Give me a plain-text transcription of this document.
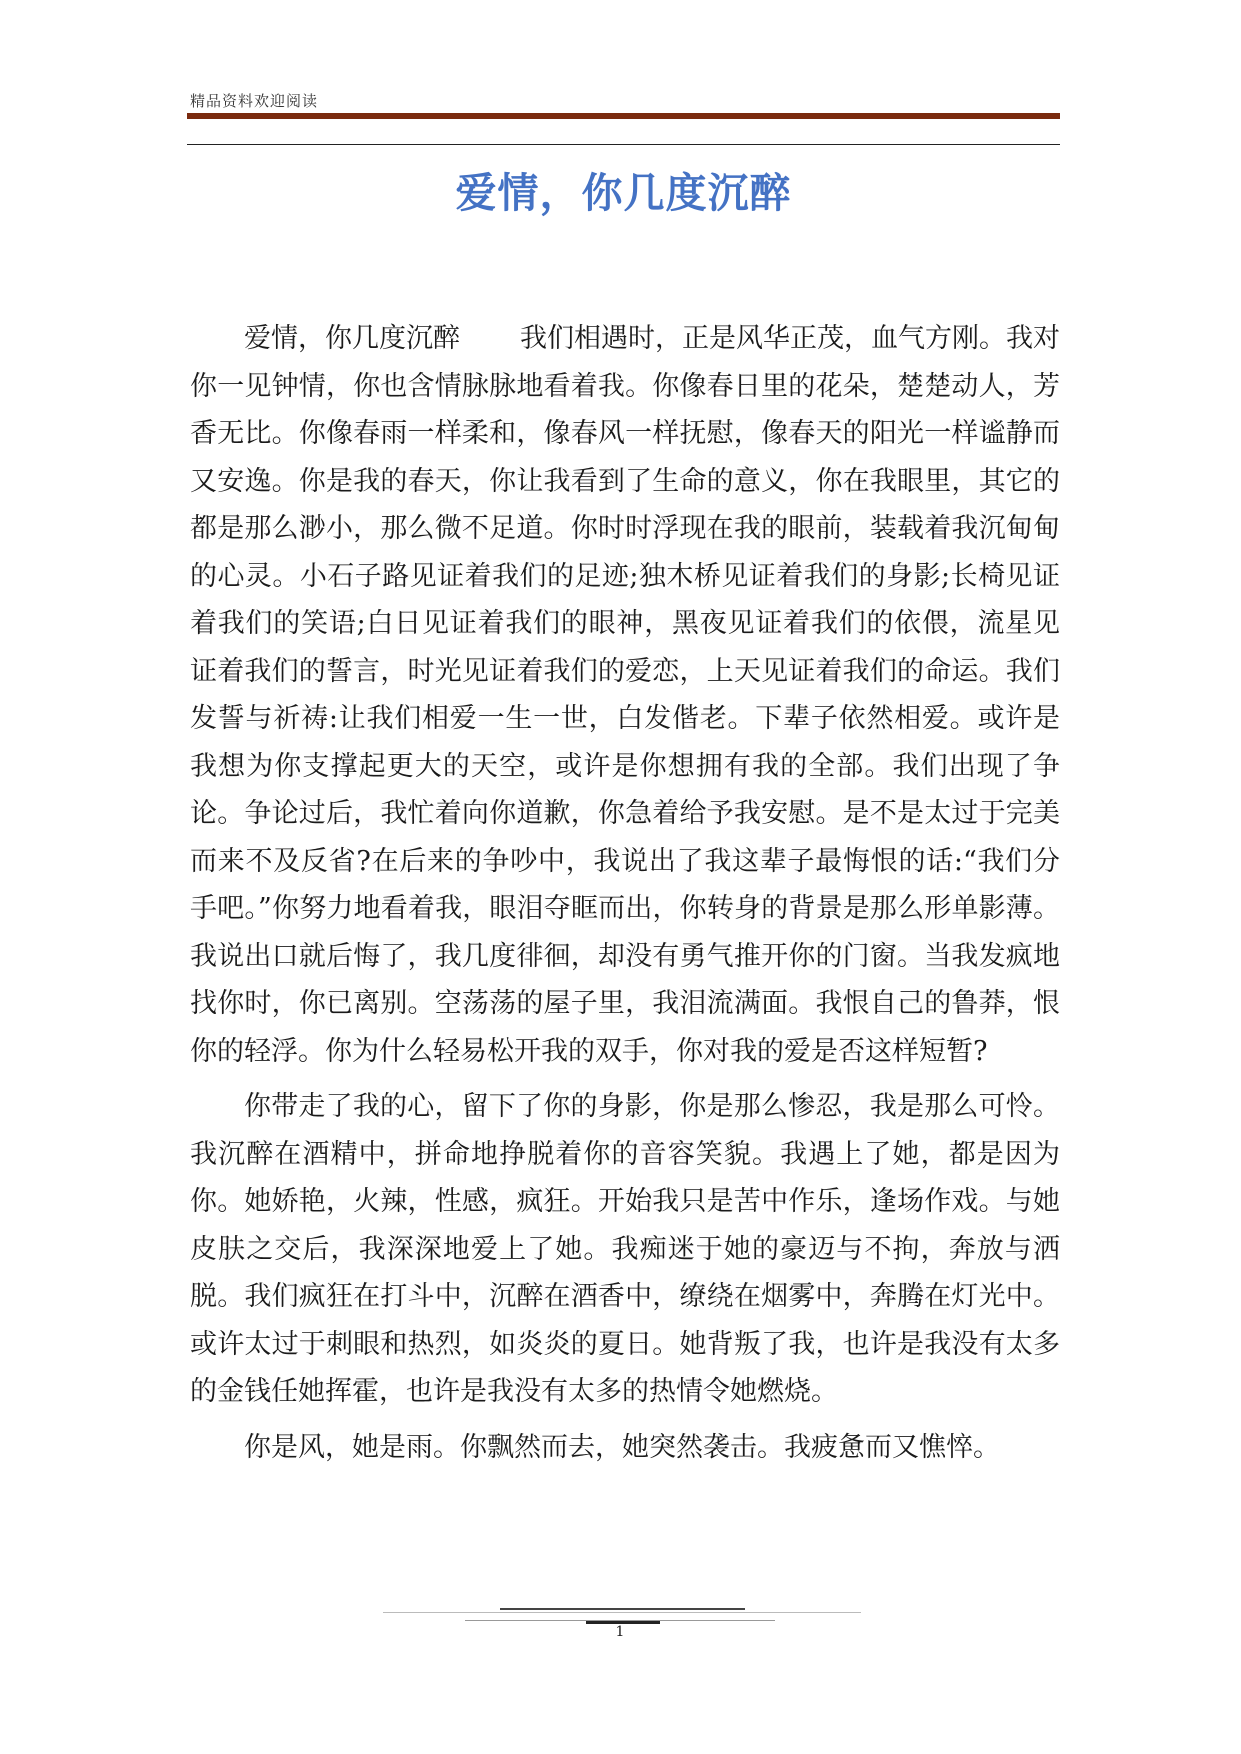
精品资料欢迎阅读
爱情，你几度沉醉

爱情，你几度沉醉 我们相遇时，正是风华正茂，血气方刚。我对你一见钟情，你也含情脉脉地看着我。你像春日里的花朵，楚楚动人，芳香无比。你像春雨一样柔和，像春风一样抚慰，像春天的阳光一样谧静而又安逸。你是我的春天，你让我看到了生命的意义，你在我眼里，其它的都是那么渺小，那么微不足道。你时时浮现在我的眼前，装载着我沉甸甸的心灵。小石子路见证着我们的足迹;独木桥见证着我们的身影;长椅见证着我们的笑语;白日见证着我们的眼神，黑夜见证着我们的依偎，流星见证着我们的誓言，时光见证着我们的爱恋，上天见证着我们的命运。我们发誓与祈祷:让我们相爱一生一世，白发偕老。下辈子依然相爱。或许是我想为你支撑起更大的天空，或许是你想拥有我的全部。我们出现了争论。争论过后，我忙着向你道歉，你急着给予我安慰。是不是太过于完美而来不及反省?在后来的争吵中，我说出了我这辈子最悔恨的话:“我们分手吧。”你努力地看着我，眼泪夺眶而出，你转身的背景是那么形单影薄。我说出口就后悔了，我几度徘徊，却没有勇气推开你的门窗。当我发疯地找你时，你已离别。空荡荡的屋子里，我泪流满面。我恨自己的鲁莽，恨你的轻浮。你为什么轻易松开我的双手，你对我的爱是否这样短暂?

你带走了我的心，留下了你的身影，你是那么惨忍，我是那么可怜。我沉醉在酒精中，拼命地挣脱着你的音容笑貌。我遇上了她，都是因为你。她娇艳，火辣，性感，疯狂。开始我只是苦中作乐，逢场作戏。与她皮肤之交后，我深深地爱上了她。我痴迷于她的豪迈与不拘，奔放与洒脱。我们疯狂在打斗中，沉醉在酒香中，缭绕在烟雾中，奔腾在灯光中。或许太过于刺眼和热烈，如炎炎的夏日。她背叛了我，也许是我没有太多的金钱任她挥霍，也许是我没有太多的热情令她燃烧。

你是风，她是雨。你飘然而去，她突然袭击。我疲惫而又憔悴。

1
